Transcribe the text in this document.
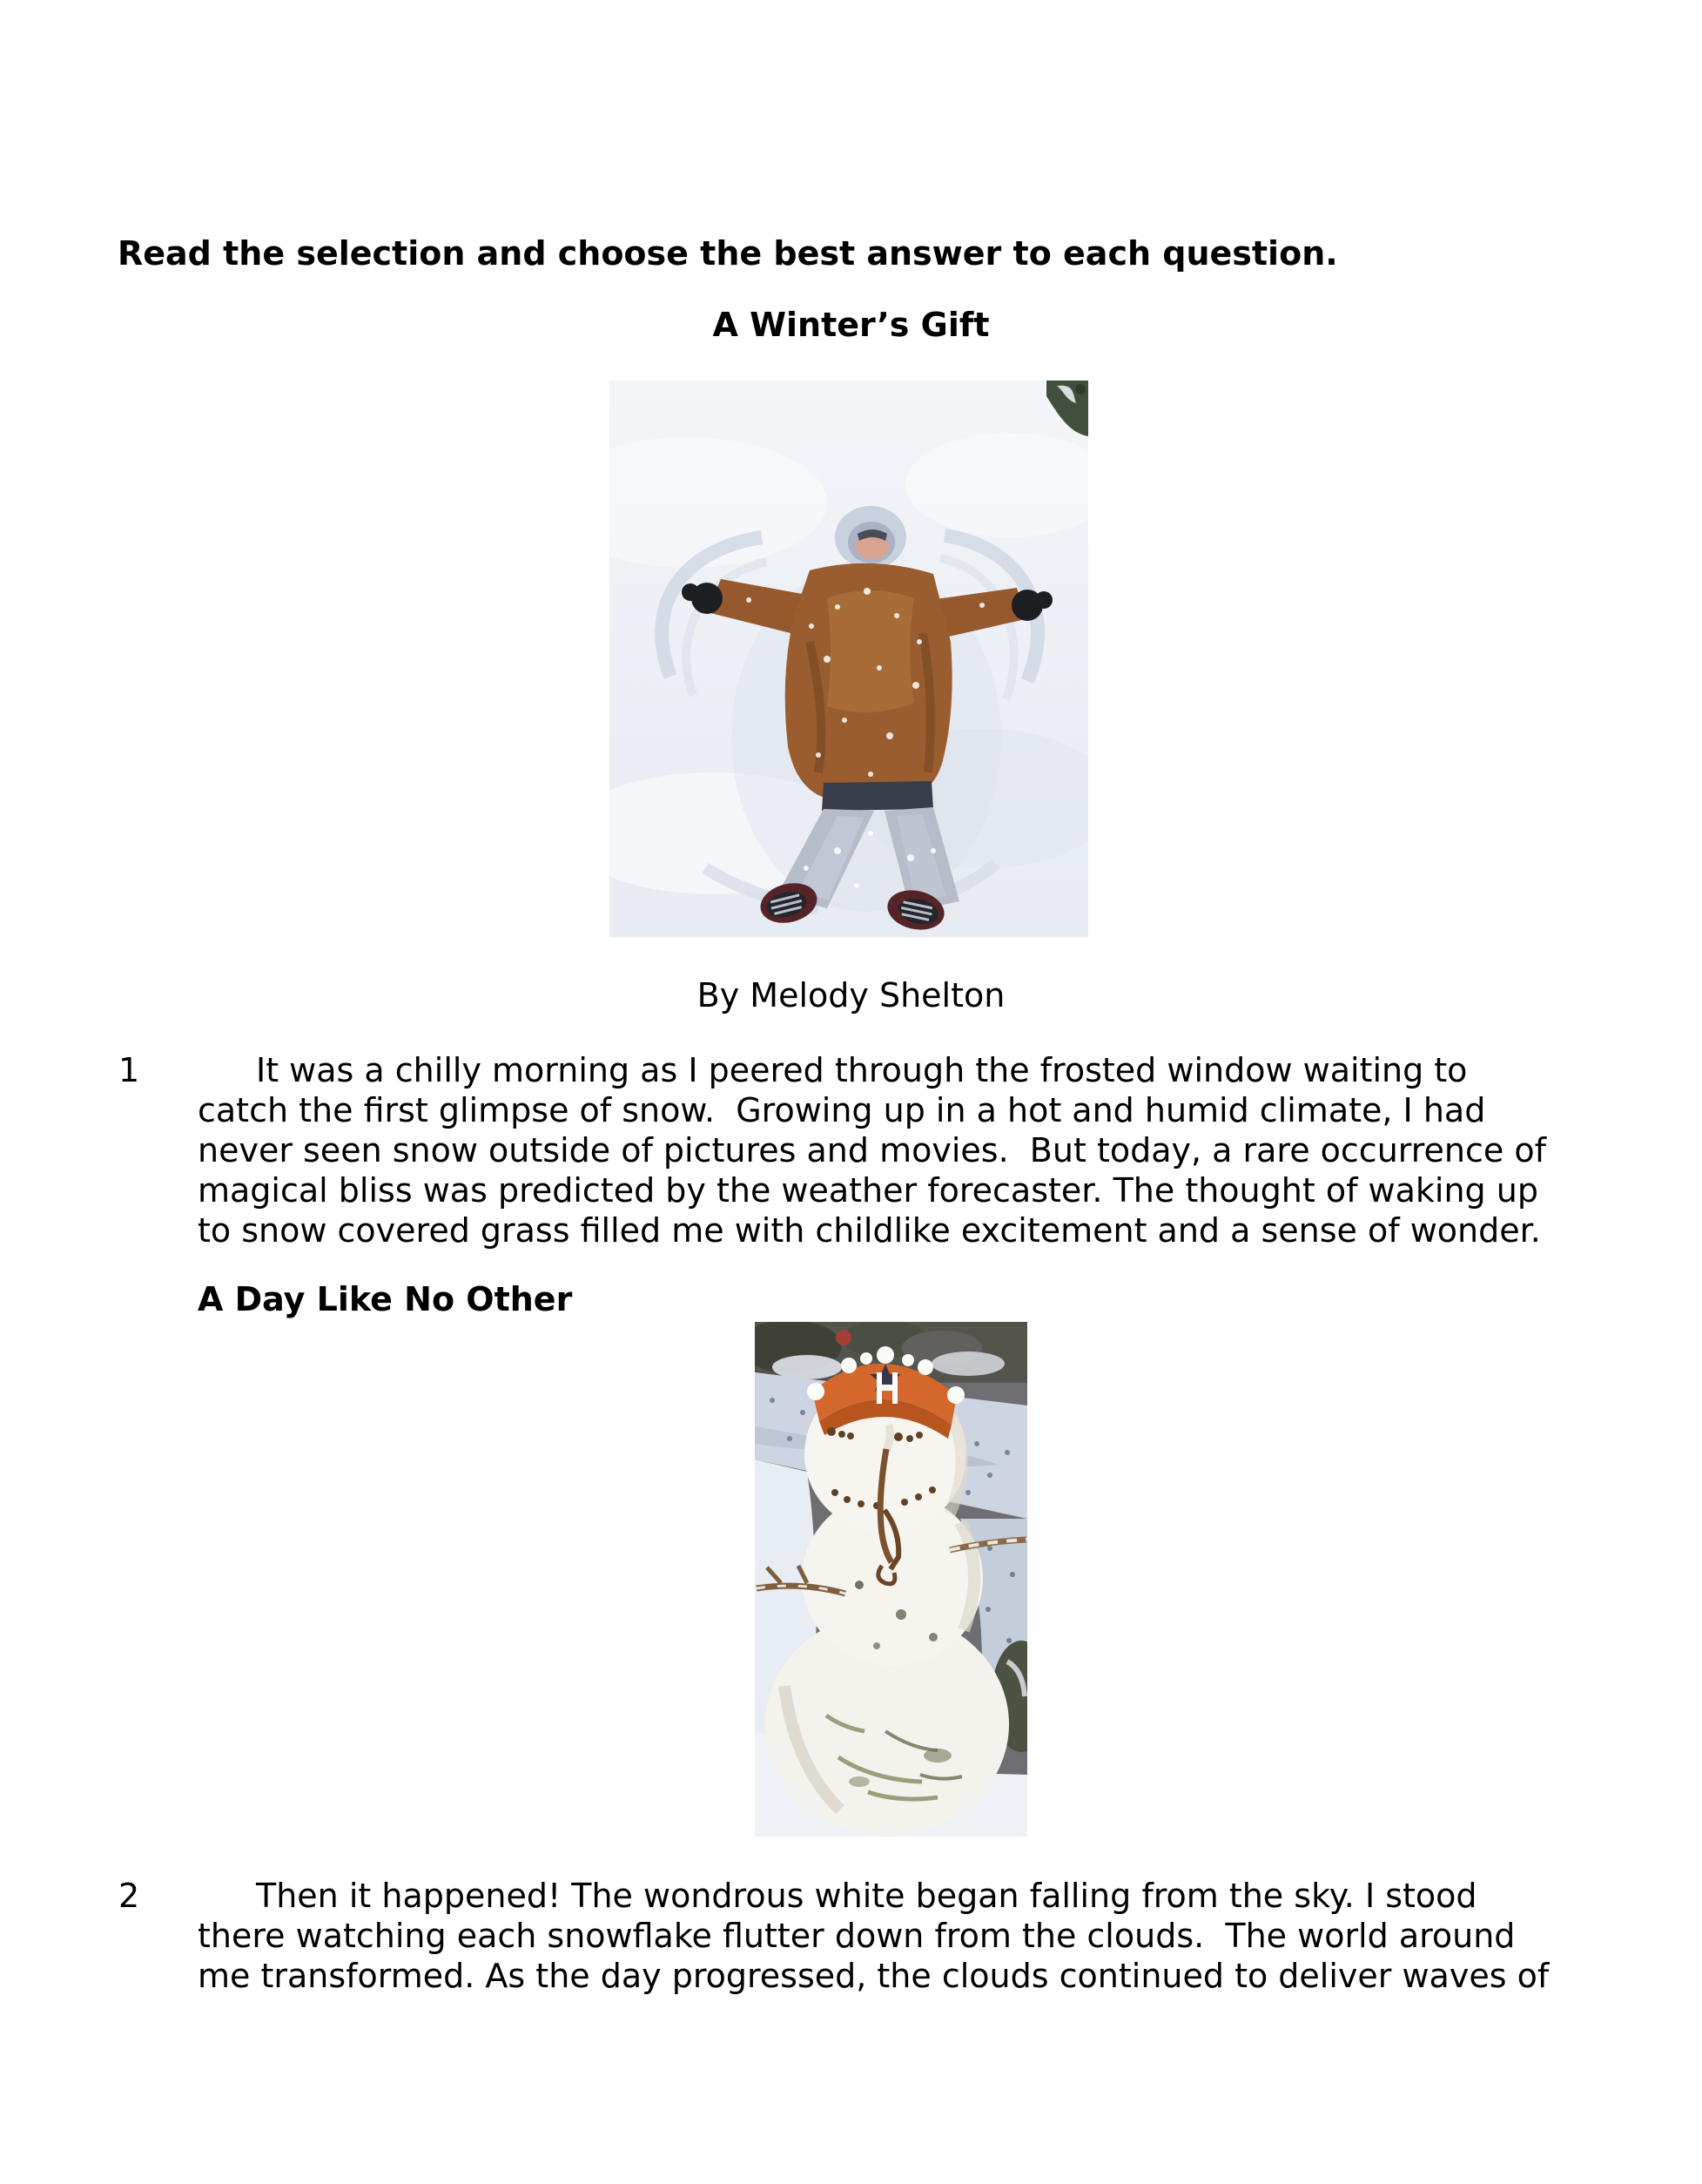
Read the selection and choose the best answer to each question.
A Winter’s Gift
By Melody Shelton
1	It was a chilly morning as I peered through the frosted window waiting to
catch the first glimpse of snow.  Growing up in a hot and humid climate, I had
never seen snow outside of pictures and movies.  But today, a rare occurrence of
magical bliss was predicted by the weather forecaster. The thought of waking up
to snow covered grass filled me with childlike excitement and a sense of wonder.
A Day Like No Other
2	Then it happened! The wondrous white began falling from the sky. I stood
there watching each snowflake flutter down from the clouds.  The world around
me transformed. As the day progressed, the clouds continued to deliver waves of
